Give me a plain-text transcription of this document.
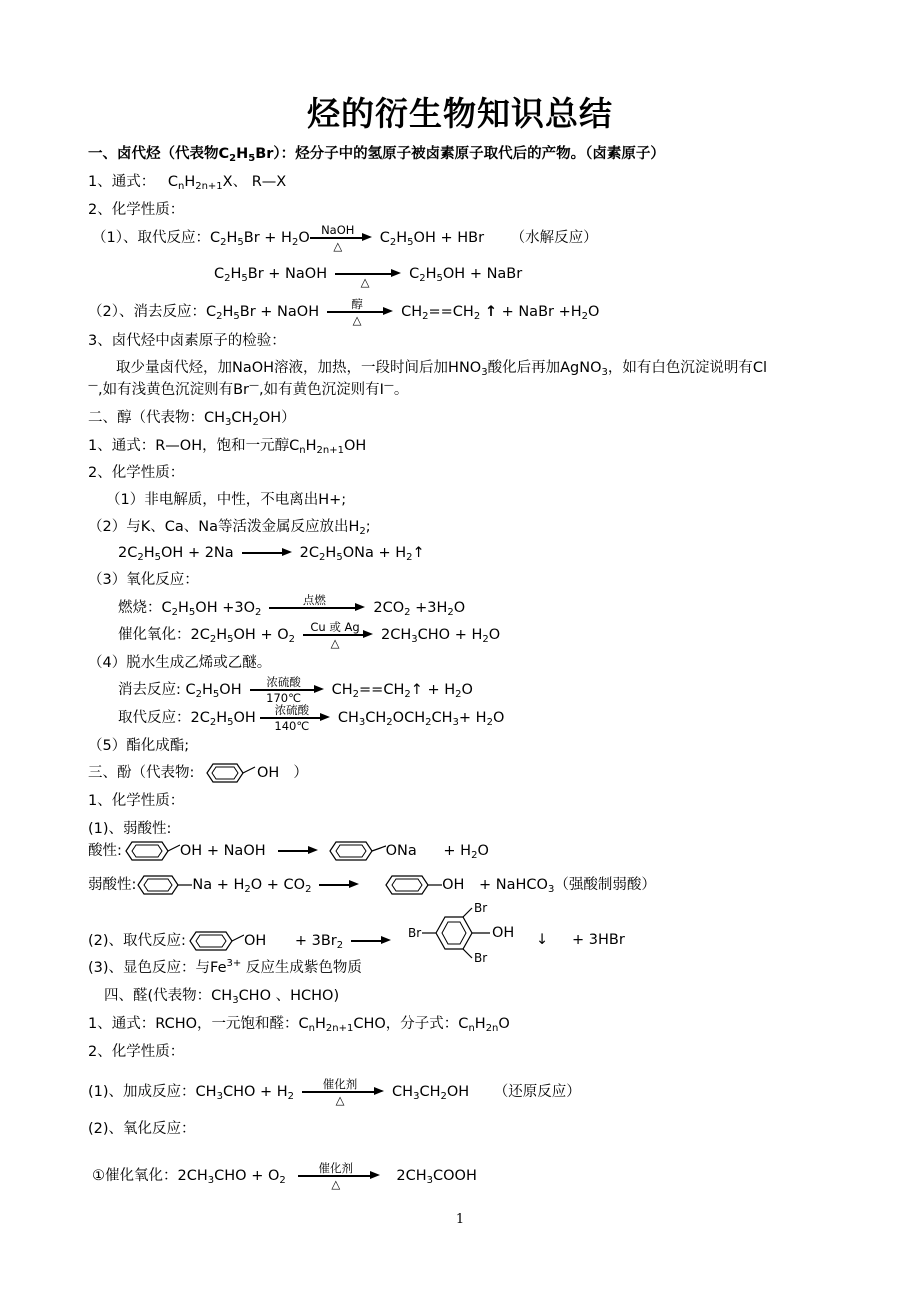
烃的衍生物知识总结
一、卤代烃（代表物$C_2H_5Br$）：烃分子中的氢原子被卤素原子取代后的产物。（卤素原子）
1、通式： $C_nH_{2n+1}X$、 R—X
2、化学性质：
（1）、取代反应：$C_2H_5Br + H_2O$ NaOH
△
$C_2H_5OH$ + HBr （水解反应）
$C_2H_5Br$ + NaOH
△
$C_2H_5OH$ + NaBr
（2）、消去反应：$C_2H_5Br$ + NaOH	醇
△
$CH_2==CH_2$ ↑ + NaBr $+H_2O$
3、卤代烃中卤素原子的检验：
取少量卤代烃，加NaOH溶液，加热，一段时间后加$HNO_3$酸化后再加AgNO$_3$，如有白色沉淀说明有Cl
—,如有浅黄色沉淀则有Br—,如有黄色沉淀则有I—。
二、醇（代表物：$CH_3CH_2OH$）
1、通式：R—OH，饱和一元醇$C_nH_{2n+1}OH$
2、化学性质：
（1）非电解质，中性，不电离出H+;
（2）与K、Ca、Na等活泼金属反应放出$H_2$;
$2C_2H_5OH + 2Na$	$2C_2H_5ONa$ + $H_2↑$
（3）氧化反应：
燃烧：$C_2H_5OH +3O_2$
点燃	$2CO_2 +3H_2O$
催化氧化：$2C_2H_5OH + O_2$
Cu 或 Ag
△
$2CH_3CHO + H_2O$
（4）脱水生成乙烯或乙醚。
消去反应: $C_2H_5OH$	浓硫酸
170℃
$CH_2==CH_2↑ + H_2O$
取代反应：$2C_2H_5OH$	浓硫酸
140℃
$CH_3CH_2OCH_2CH_3+ H_2O$
（5）酯化成酯;
三、酚（代表物:	OH ）
1、化学性质：
(1)、弱酸性:
酸性:	OH + NaOH	ONa + $H_2O$
弱酸性:	$Na + H_2O + CO_2$	OH + NaHCO$_3$（强酸制弱酸）
(2)、取代反应:	OH + $3Br_2$
Br
Br
Br
OH ↓ + 3HBr
(3)、显色反应：与$Fe^{3+}$ 反应生成紫色物质
四、醛(代表物：$CH_3CHO$ 、HCHO)
1、通式：RCHO，一元饱和醛：$C_nH_{2n+1}CHO$，分子式：$C_nH_{2n}O$
2、化学性质：
(1)、加成反应：$CH_3CHO + H_2$
催化剂
△
$CH_3CH_2OH$ （还原反应）
(2)、氧化反应：
①催化氧化：$2CH_3CHO + O_2$
催化剂
△
$2CH_3COOH$
1
